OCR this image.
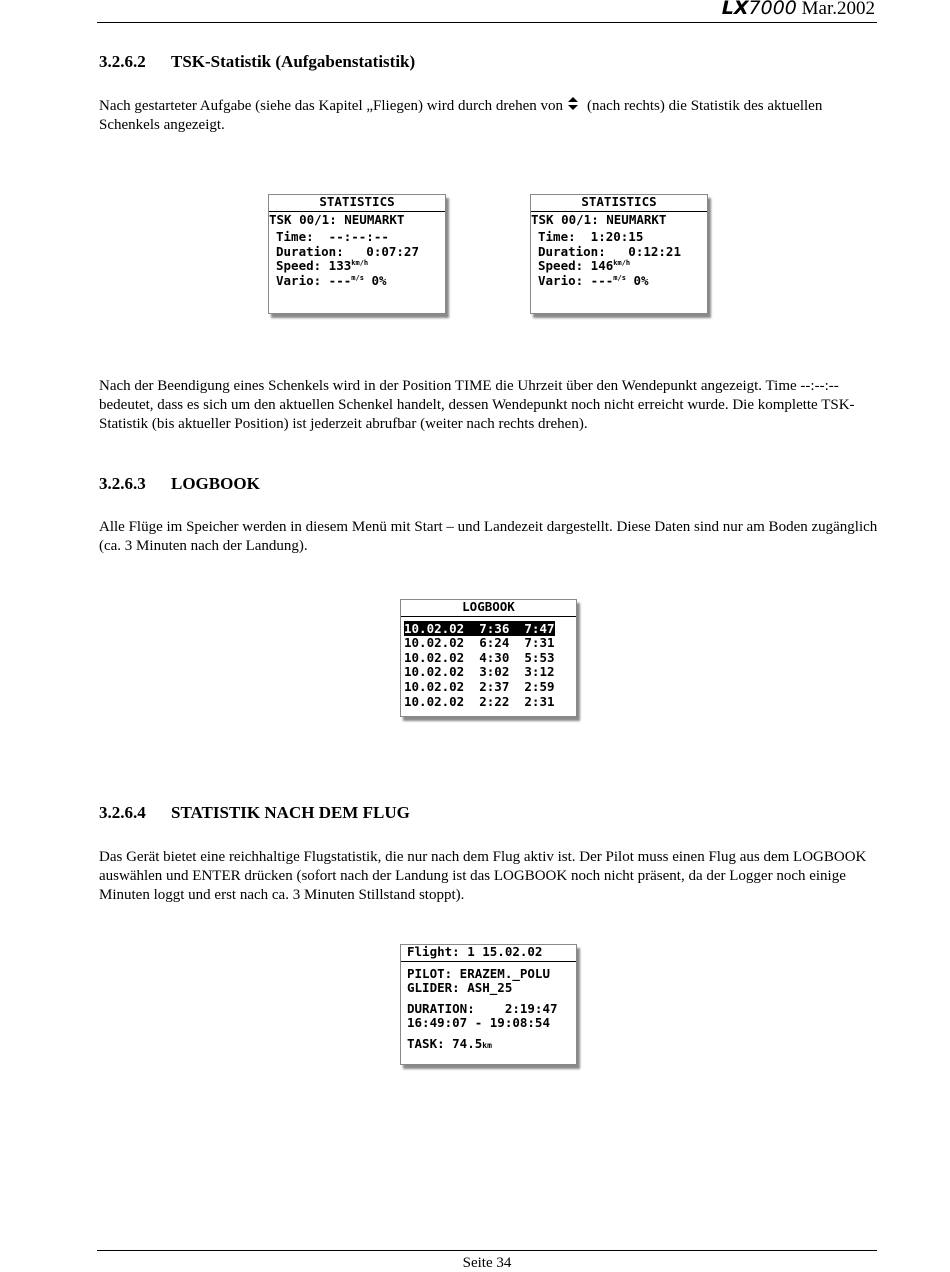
LX7000 Mar.2002
3.2.6.2 TSK-Statistik (Aufgabenstatistik)

Nach gestarteter Aufgabe (siehe das Kapitel „Fliegen) wird durch drehen von (nach rechts) die Statistik des aktuellen Schenkels angezeigt.

STATISTICS
TSK 00/1: NEUMARKT
Time:  --:--:--
Duration:   0:07:27
Speed: $133^{km/h}$
Vario: ---$^{m/s}$ 0%
STATISTICS
TSK 00/1: NEUMARKT
Time:  1:20:15
Duration:   0:12:21
Speed: $146^{km/h}$
Vario: ---$^{m/s}$ 0%

Nach der Beendigung eines Schenkels wird in der Position TIME die Uhrzeit über den Wendepunkt angezeigt. Time --:--:-- bedeutet, dass es sich um den aktuellen Schenkel handelt, dessen Wendepunkt noch nicht erreicht wurde. Die komplette TSK-Statistik (bis aktueller Position) ist jederzeit abrufbar (weiter nach rechts drehen).

3.2.6.3 LOGBOOK

Alle Flüge im Speicher werden in diesem Menü mit Start – und Landezeit dargestellt. Diese Daten sind nur am Boden zugänglich (ca. 3 Minuten nach der Landung).

LOGBOOK
10.02.02  7:36  7:47
10.02.02  6:24  7:31
10.02.02  4:30  5:53
10.02.02  3:02  3:12
10.02.02  2:37  2:59
10.02.02  2:22  2:31
3.2.6.4 STATISTIK NACH DEM FLUG

Das Gerät bietet eine reichhaltige Flugstatistik, die nur nach dem Flug aktiv ist. Der Pilot muss einen Flug aus dem LOGBOOK auswählen und ENTER drücken (sofort nach der Landung ist das LOGBOOK noch nicht präsent, da der Logger noch einige Minuten loggt und erst nach ca. 3 Minuten Stillstand stoppt).

Flight: 1 15.02.02
PILOT: ERAZEM._POLU
GLIDER: ASH_25
DURATION:    2:19:47
16:49:07 - 19:08:54
TASK: 74.5km
Seite 34
